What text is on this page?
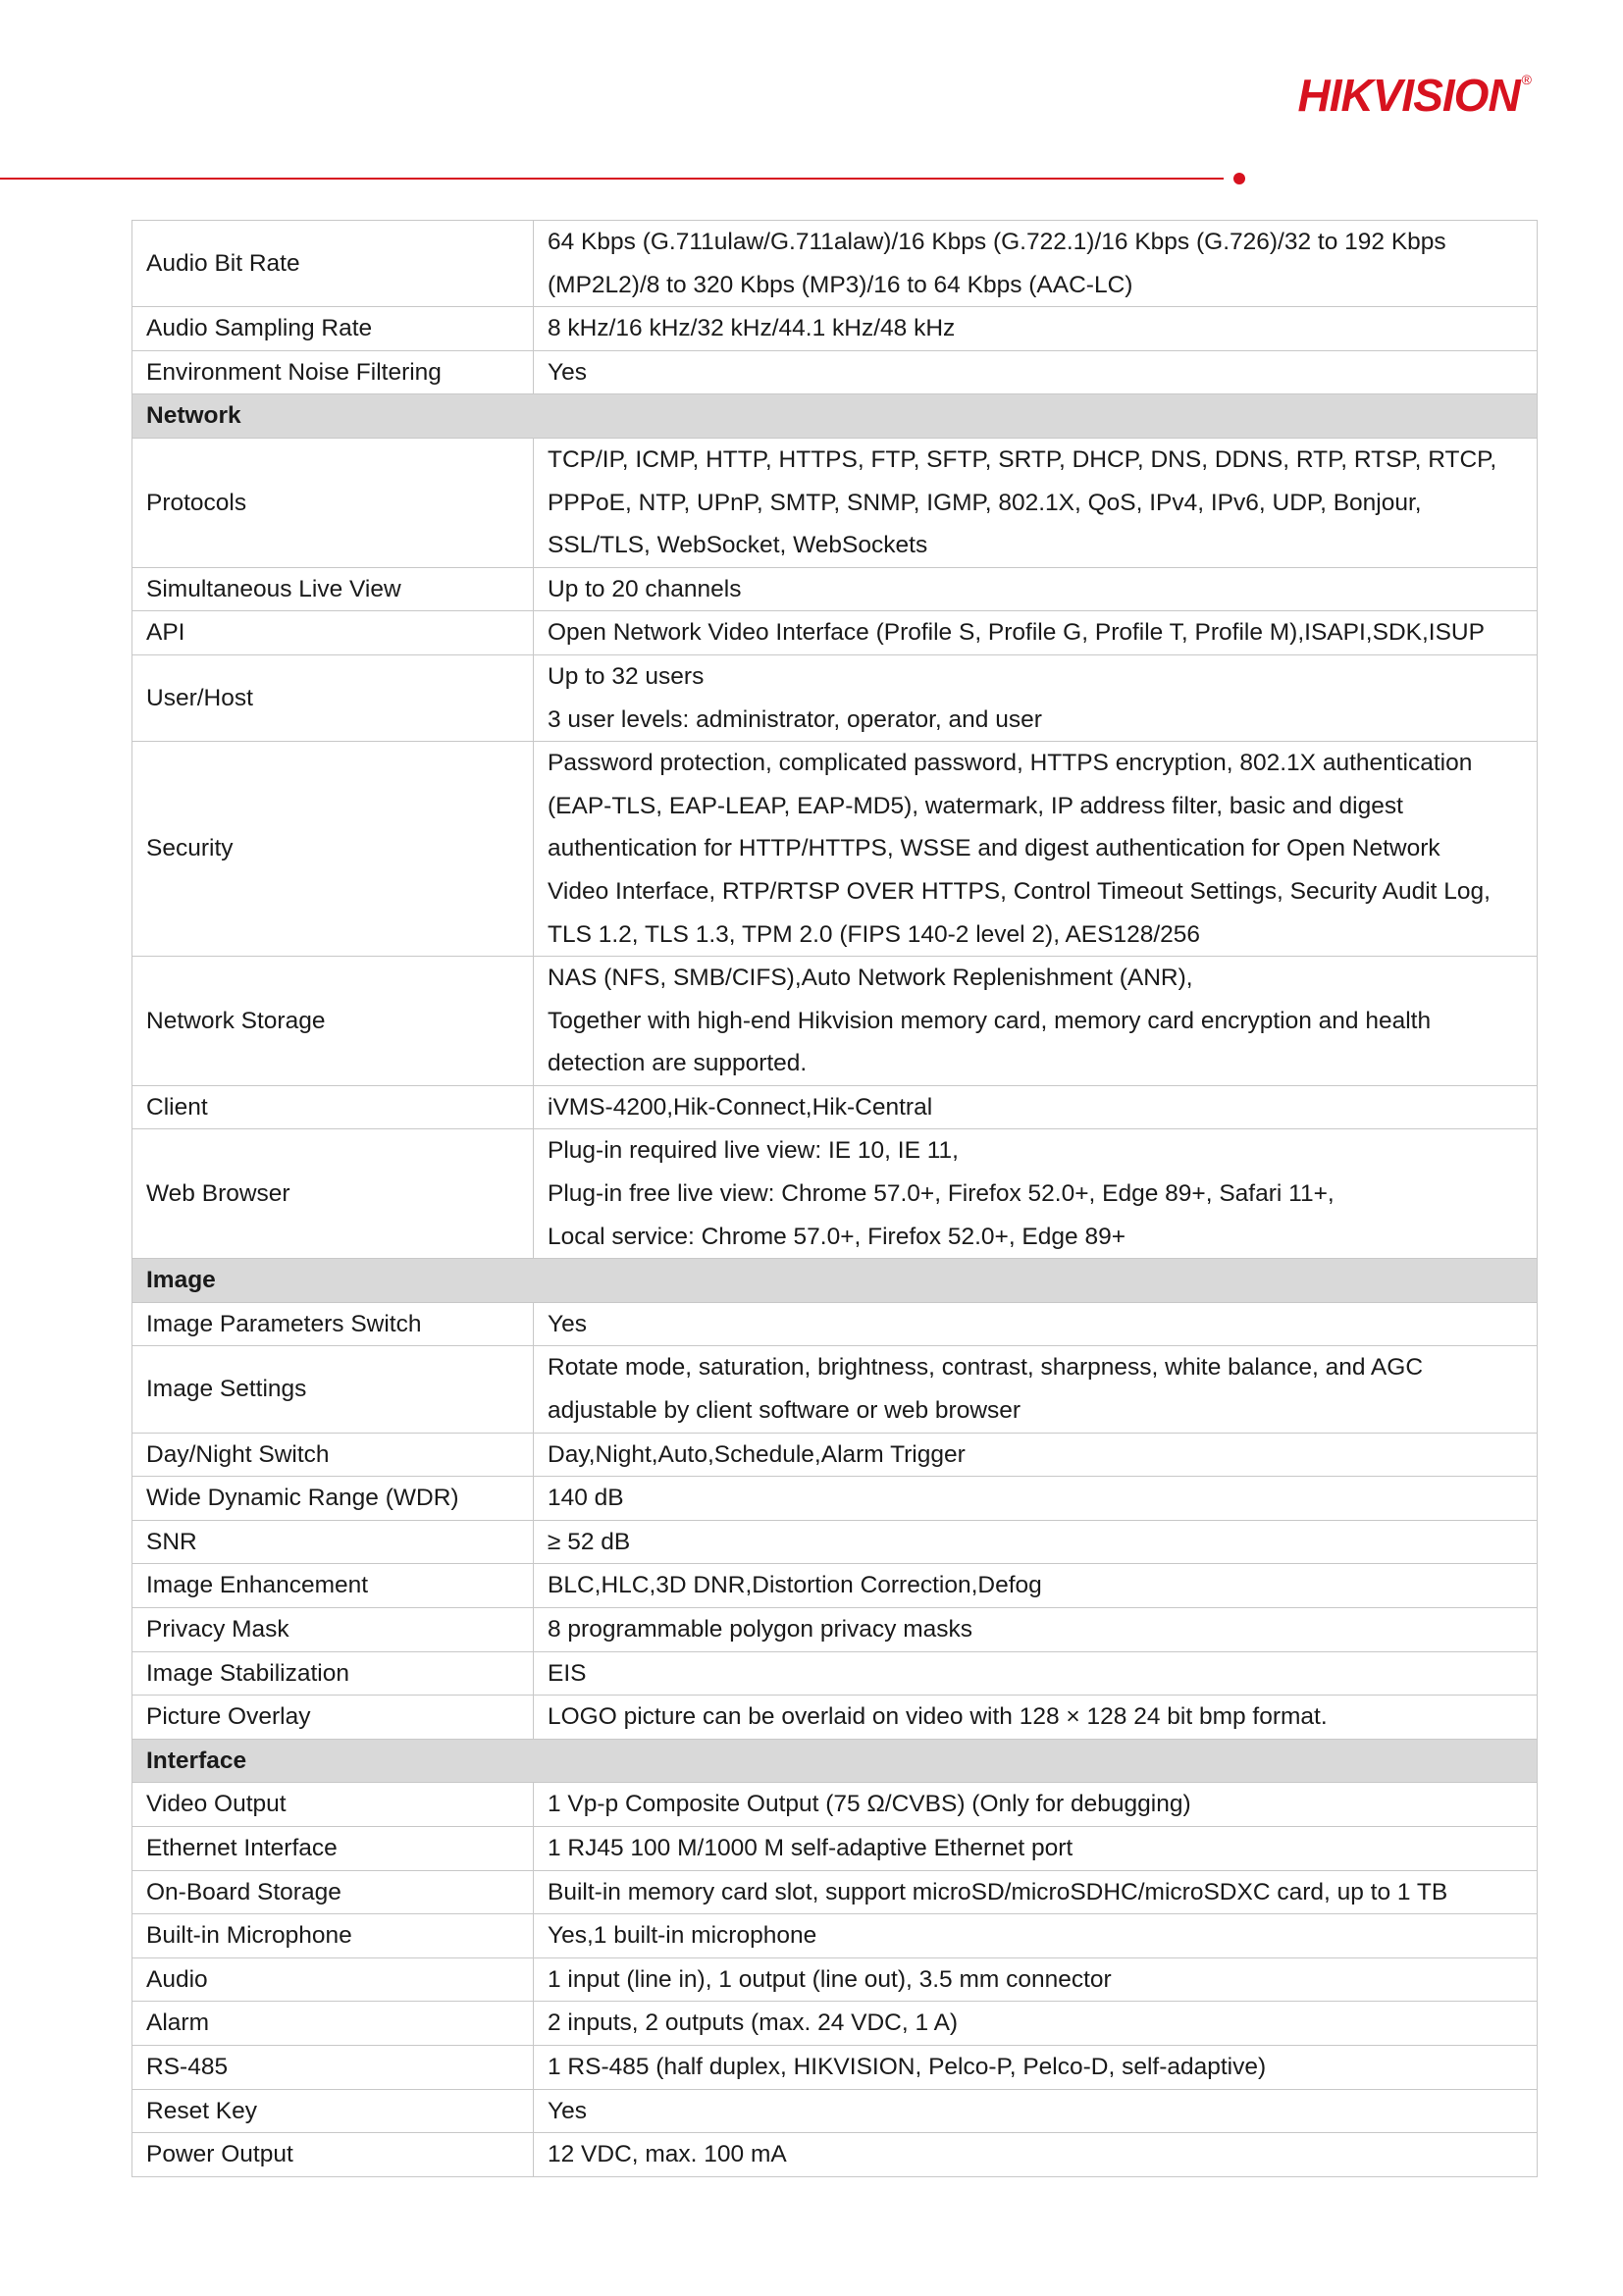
HIKVISION ®
Audio Bit Rate	64 Kbps (G.711ulaw/G.711alaw)/16 Kbps (G.722.1)/16 Kbps (G.726)/32 to 192 Kbps
(MP2L2)/8 to 320 Kbps (MP3)/16 to 64 Kbps (AAC-LC)

Audio Sampling Rate	8 kHz/16 kHz/32 kHz/44.1 kHz/48 kHz

Environment Noise Filtering	Yes

Network	
Protocols	TCP/IP, ICMP, HTTP, HTTPS, FTP, SFTP, SRTP, DHCP, DNS, DDNS, RTP, RTSP, RTCP,
PPPoE, NTP, UPnP, SMTP, SNMP, IGMP, 802.1X, QoS, IPv4, IPv6, UDP, Bonjour,
SSL/TLS, WebSocket, WebSockets

Simultaneous Live View	Up to 20 channels

API	Open Network Video Interface (Profile S, Profile G, Profile T, Profile M),ISAPI,SDK,ISUP

User/Host	Up to 32 users
3 user levels: administrator, operator, and user

Security	Password protection, complicated password, HTTPS encryption, 802.1X authentication
(EAP-TLS, EAP-LEAP, EAP-MD5), watermark, IP address filter, basic and digest
authentication for HTTP/HTTPS, WSSE and digest authentication for Open Network
Video Interface, RTP/RTSP OVER HTTPS, Control Timeout Settings, Security Audit Log,
TLS 1.2, TLS 1.3, TPM 2.0 (FIPS 140-2 level 2), AES128/256

Network Storage	NAS (NFS, SMB/CIFS),Auto Network Replenishment (ANR),
Together with high-end Hikvision memory card, memory card encryption and health
detection are supported.

Client	iVMS-4200,Hik-Connect,Hik-Central

Web Browser	Plug-in required live view: IE 10, IE 11,
Plug-in free live view: Chrome 57.0+, Firefox 52.0+, Edge 89+, Safari 11+,
Local service: Chrome 57.0+, Firefox 52.0+, Edge 89+

Image	
Image Parameters Switch	Yes

Image Settings	Rotate mode, saturation, brightness, contrast, sharpness, white balance, and AGC
adjustable by client software or web browser

Day/Night Switch	Day,Night,Auto,Schedule,Alarm Trigger

Wide Dynamic Range (WDR)	140 dB

SNR	≥ 52 dB

Image Enhancement	BLC,HLC,3D DNR,Distortion Correction,Defog

Privacy Mask	8 programmable polygon privacy masks

Image Stabilization	EIS

Picture Overlay	LOGO picture can be overlaid on video with 128 × 128 24 bit bmp format.

Interface	
Video Output	1 Vp-p Composite Output (75 Ω/CVBS) (Only for debugging)

Ethernet Interface	1 RJ45 100 M/1000 M self-adaptive Ethernet port

On-Board Storage	Built-in memory card slot, support microSD/microSDHC/microSDXC card, up to 1 TB

Built-in Microphone	Yes,1 built-in microphone

Audio	1 input (line in), 1 output (line out), 3.5 mm connector

Alarm	2 inputs, 2 outputs (max. 24 VDC, 1 A)

RS-485	1 RS-485 (half duplex, HIKVISION, Pelco-P, Pelco-D, self-adaptive)

Reset Key	Yes

Power Output	12 VDC, max. 100 mA
